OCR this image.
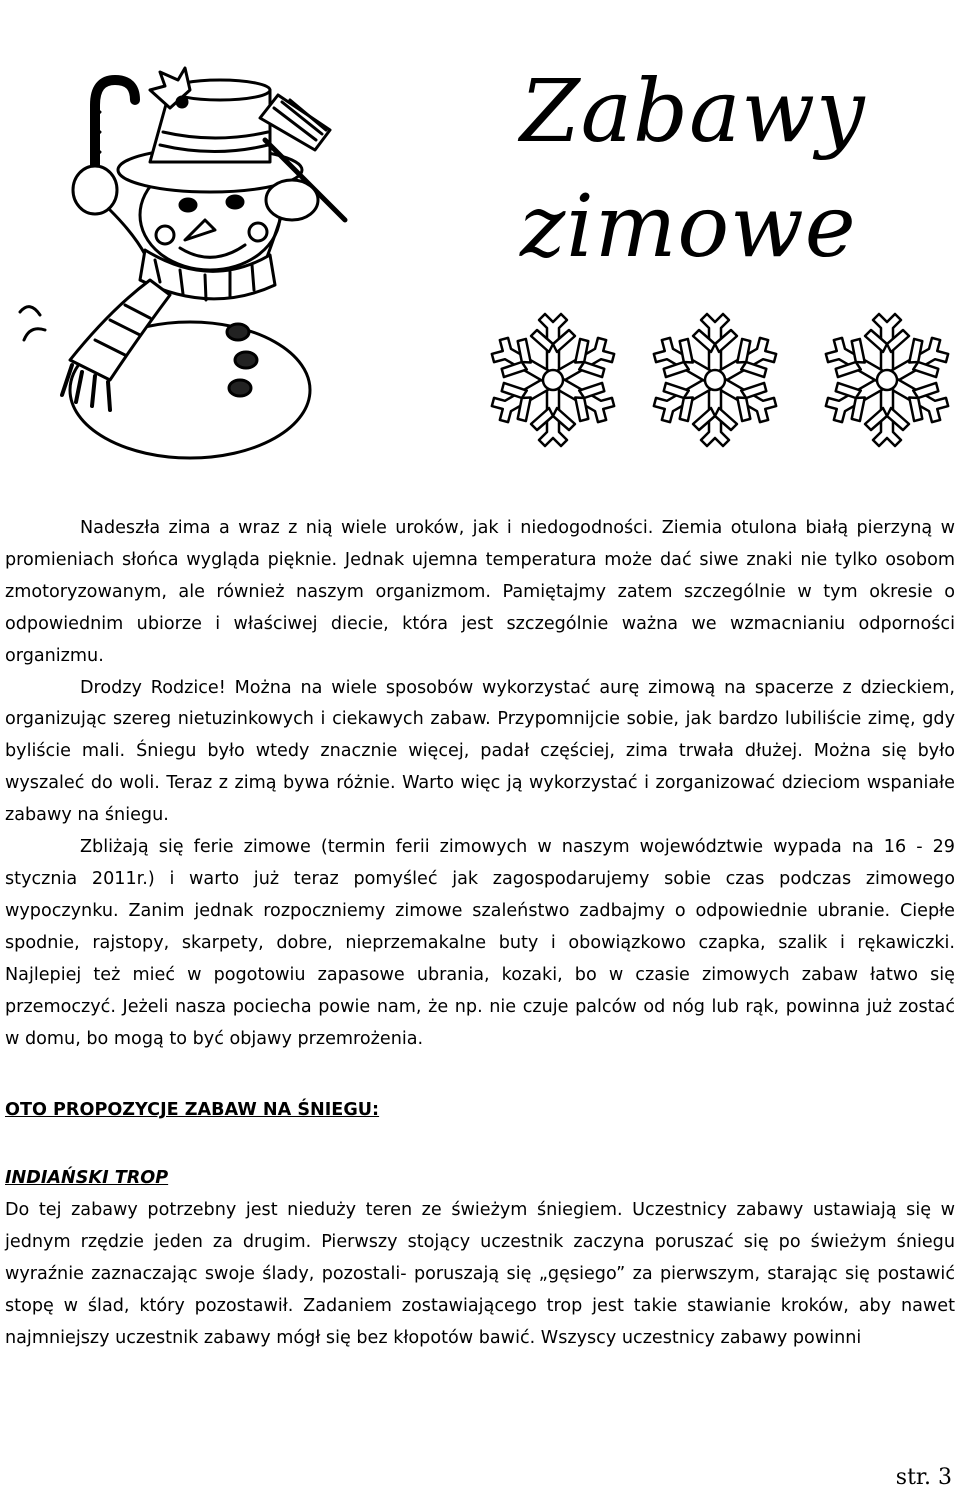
Zabawy
zimowe

Nadeszła zima a wraz z nią wiele uroków, jak i niedogodności. Ziemia otulona białą pierzyną w promieniach słońca wygląda pięknie. Jednak ujemna temperatura może dać siwe znaki nie tylko osobom zmotoryzowanym, ale również naszym organizmom. Pamiętajmy zatem szczególnie w tym okresie o odpowiednim ubiorze i właściwej diecie, która jest szczególnie ważna we wzmacnianiu odporności organizmu.

Drodzy Rodzice! Można na wiele sposobów wykorzystać aurę zimową na spacerze z dzieckiem, organizując szereg nietuzinkowych i ciekawych zabaw. Przypomnijcie sobie, jak bardzo lubiliście zimę, gdy byliście mali. Śniegu było wtedy znacznie więcej, padał częściej, zima trwała dłużej. Można się było wyszaleć do woli. Teraz z zimą bywa różnie. Warto więc ją wykorzystać i zorganizować dzieciom wspaniałe zabawy na śniegu.

Zbliżają się ferie zimowe (termin ferii zimowych w naszym województwie wypada na 16 - 29 stycznia 2011r.) i warto już teraz pomyśleć jak zagospodarujemy sobie czas podczas zimowego wypoczynku. Zanim jednak rozpoczniemy zimowe szaleństwo zadbajmy o odpowiednie ubranie. Ciepłe spodnie, rajstopy, skarpety, dobre, nieprzemakalne buty i obowiązkowo czapka, szalik i rękawiczki. Najlepiej też mieć w pogotowiu zapasowe ubrania, kozaki, bo w czasie zimowych zabaw łatwo się przemoczyć. Jeżeli nasza pociecha powie nam, że np. nie czuje palców od nóg lub rąk, powinna już zostać w domu, bo mogą to być objawy przemrożenia.

OTO PROPOZYCJE ZABAW NA ŚNIEGU:

INDIAŃSKI TROP

Do tej zabawy potrzebny jest nieduży teren ze świeżym śniegiem. Uczestnicy zabawy ustawiają się w jednym rzędzie jeden za drugim. Pierwszy stojący uczestnik zaczyna poruszać się po świeżym śniegu wyraźnie zaznaczając swoje ślady, pozostali- poruszają się „gęsiego” za pierwszym, starając się postawić stopę w ślad, który pozostawił. Zadaniem zostawiającego trop jest takie stawianie kroków, aby nawet najmniejszy uczestnik zabawy mógł się bez kłopotów bawić. Wszyscy uczestnicy zabawy powinni

str. 3
